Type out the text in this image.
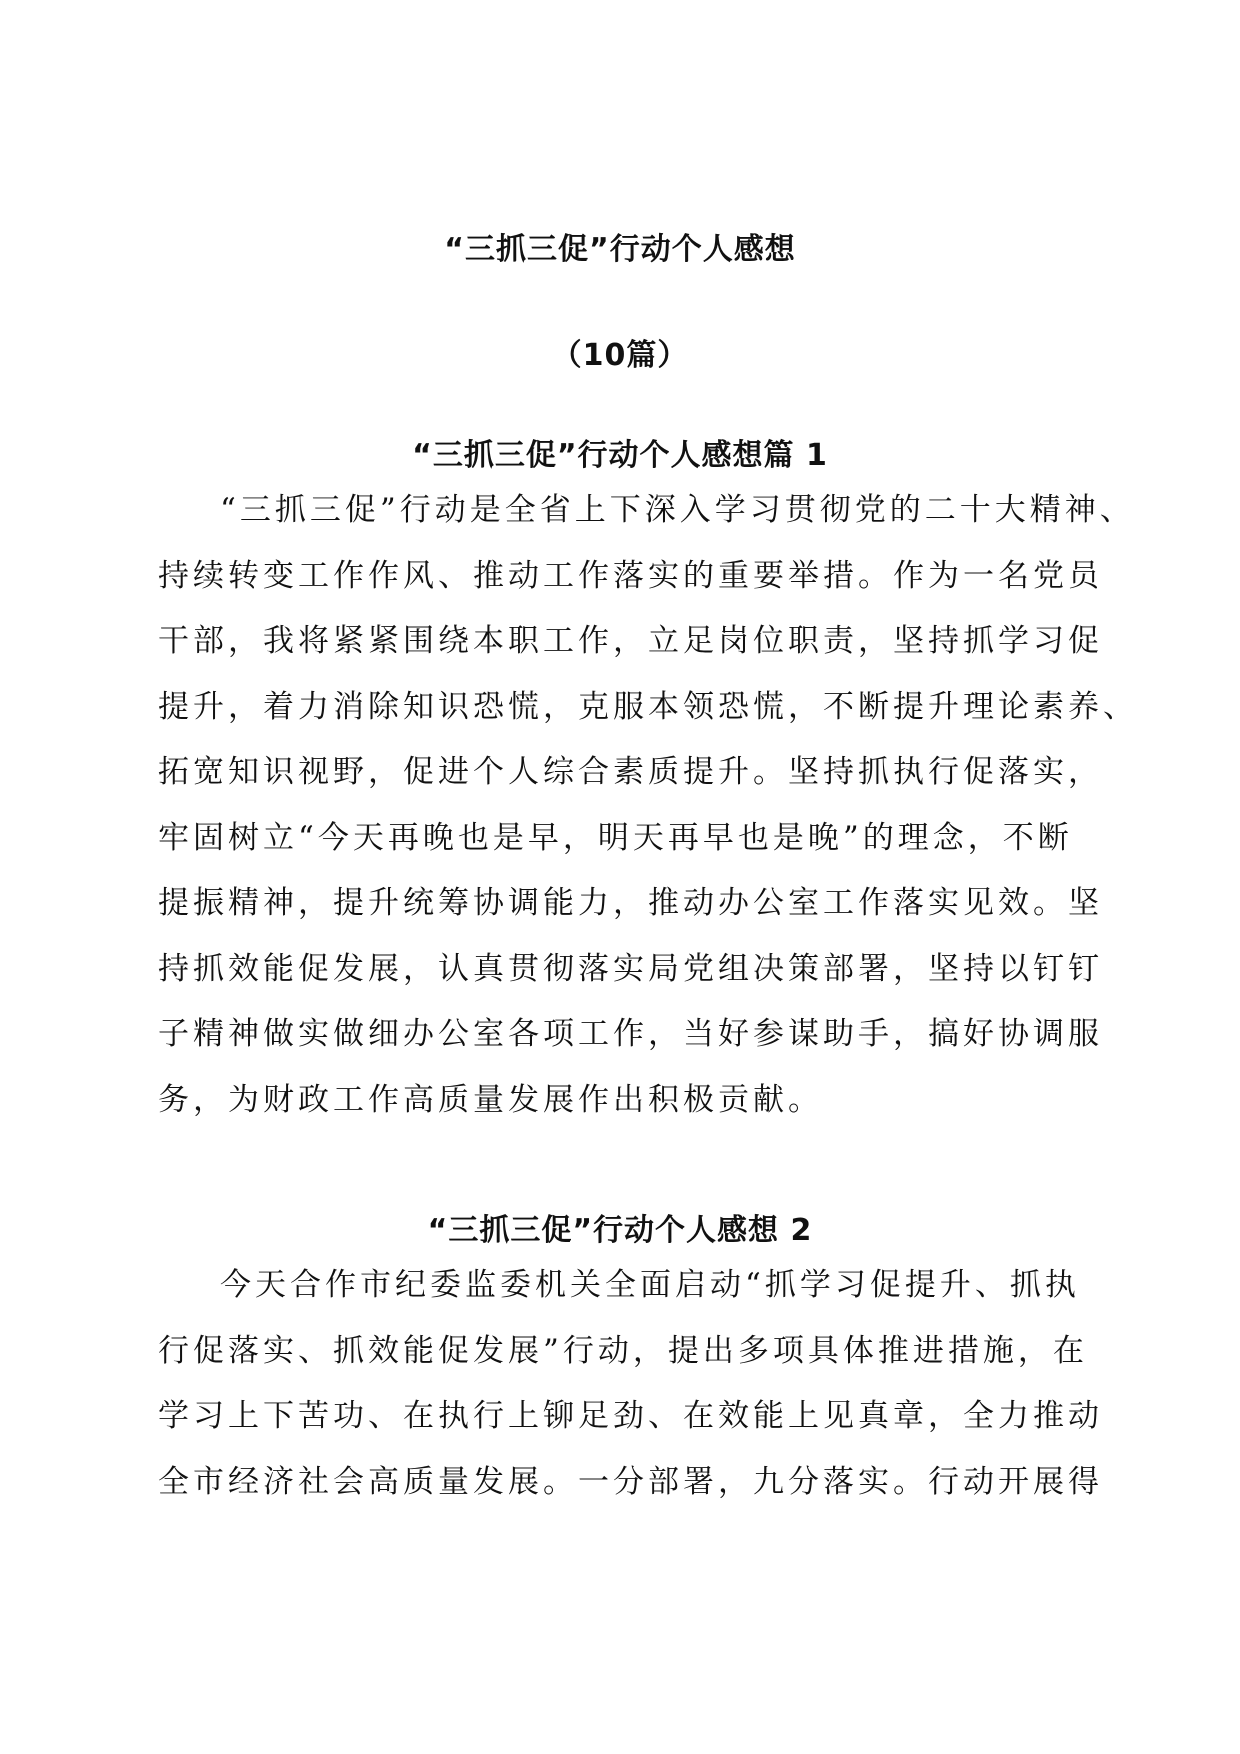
“三抓三促”行动个人感想
（10篇）
“三抓三促”行动个人感想篇 1

“三抓三促”行动是全省上下深入学习贯彻党的二十大精神、
持续转变工作作风、推动工作落实的重要举措。作为一名党员
干部，我将紧紧围绕本职工作，立足岗位职责，坚持抓学习促
提升，着力消除知识恐慌，克服本领恐慌，不断提升理论素养、
拓宽知识视野，促进个人综合素质提升。坚持抓执行促落实，
牢固树立“今天再晚也是早，明天再早也是晚”的理念，不断
提振精神，提升统筹协调能力，推动办公室工作落实见效。坚
持抓效能促发展，认真贯彻落实局党组决策部署，坚持以钉钉
子精神做实做细办公室各项工作，当好参谋助手，搞好协调服
务，为财政工作高质量发展作出积极贡献。

“三抓三促”行动个人感想 2

今天合作市纪委监委机关全面启动“抓学习促提升、抓执
行促落实、抓效能促发展”行动，提出多项具体推进措施，在
学习上下苦功、在执行上铆足劲、在效能上见真章，全力推动
全市经济社会高质量发展。一分部署，九分落实。行动开展得
